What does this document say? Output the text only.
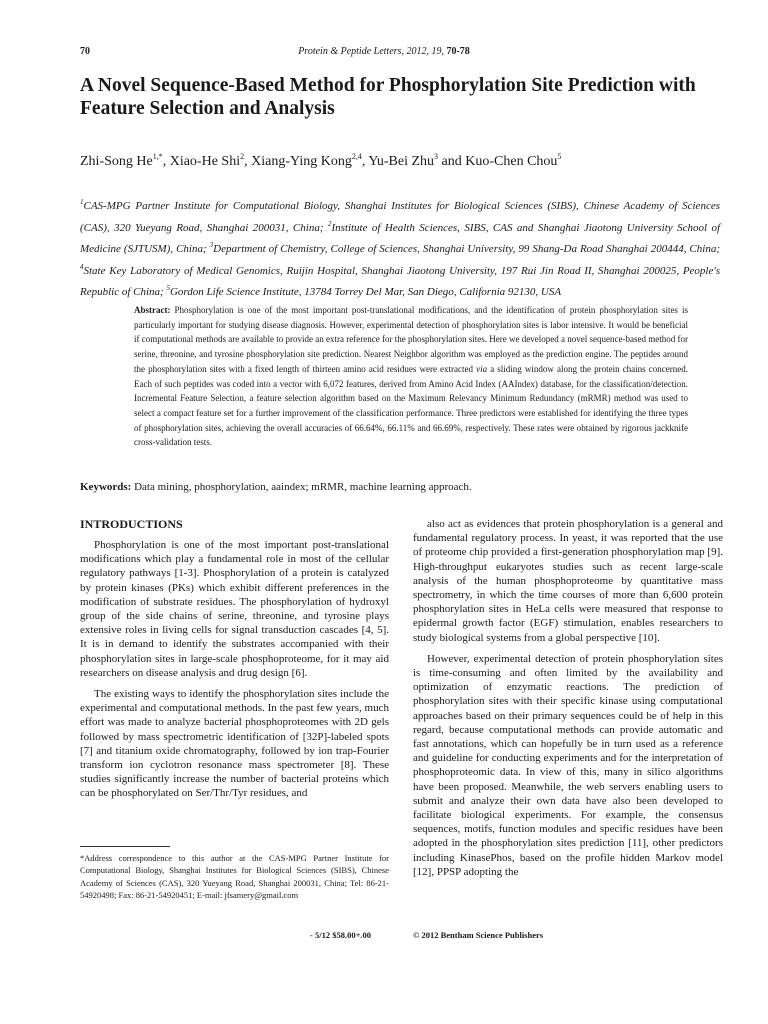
70	Protein & Peptide Letters, 2012, 19, 70-78
A Novel Sequence-Based Method for Phosphorylation Site Prediction with Feature Selection and Analysis
Zhi-Song $He^{1,*}$, Xiao-He Shi$^2$, Xiang-Ying Kong$^{2,4}$, Yu-Bei Zhu$^3$ and Kuo-Chen Chou$^5$
$^1$CAS-MPG Partner Institute for Computational Biology, Shanghai Institutes for Biological Sciences (SIBS), Chinese Academy of Sciences (CAS), 320 Yueyang Road, Shanghai 200031, China; $^2$Institute of Health Sciences, SIBS, CAS and Shanghai Jiaotong University School of Medicine (SJTUSM), China; $^3$Department of Chemistry, College of Sciences, Shanghai University, 99 Shang-Da Road Shanghai 200444, China; $^4$State Key Laboratory of Medical Genomics, Ruijin Hospital, Shanghai Jiaotong University, 197 Rui Jin Road II, Shanghai 200025, People's Republic of China; $^5$Gordon Life Science Institute, 13784 Torrey Del Mar, San Diego, California 92130, USA
Abstract: Phosphorylation is one of the most important post-translational modifications, and the identification of protein phosphorylation sites is particularly important for studying disease diagnosis. However, experimental detection of phosphorylation sites is labor intensive. It would be beneficial if computational methods are available to provide an extra reference for the phosphorylation sites. Here we developed a novel sequence-based method for serine, threonine, and tyrosine phosphorylation site prediction. Nearest Neighbor algorithm was employed as the prediction engine. The peptides around the phosphorylation sites with a fixed length of thirteen amino acid residues were extracted via a sliding window along the protein chains concerned. Each of such peptides was coded into a vector with 6,072 features, derived from Amino Acid Index (AAIndex) database, for the classification/detection. Incremental Feature Selection, a feature selection algorithm based on the Maximum Relevancy Minimum Redundancy (mRMR) method was used to select a compact feature set for a further improvement of the classification performance. Three predictors were established for identifying the three types of phosphorylation sites, achieving the overall accuracies of 66.64%, 66.11% and 66.69%, respectively. These rates were obtained by rigorous jackknife cross-validation tests.
Keywords: Data mining, phosphorylation, aaindex; mRMR, machine learning approach.
INTRODUCTIONS

Phosphorylation is one of the most important post-translational modifications which play a fundamental role in most of the cellular regulatory pathways [1-3]. Phosphorylation of a protein is catalyzed by protein kinases (PKs) which exhibit different preferences in the modification of substrate residues. The phosphorylation of hydroxyl group of the side chains of serine, threonine, and tyrosine plays extensive roles in living cells for signal transduction cascades [4, 5]. It is in demand to identify the substrates accompanied with their phosphorylation sites in large-scale phosphoproteome, for it may aid researchers on disease analysis and drug design [6].

The existing ways to identify the phosphorylation sites include the experimental and computational methods. In the past few years, much effort was made to analyze bacterial phosphoproteomes with 2D gels followed by mass spectrometric identification of [32P]-labeled spots [7] and titanium oxide chromatography, followed by ion trap-Fourier transform ion cyclotron resonance mass spectrometer [8]. These studies significantly increase the number of bacterial proteins which can be phosphorylated on Ser/Thr/Tyr residues, and

also act as evidences that protein phosphorylation is a general and fundamental regulatory process. In yeast, it was reported that the use of proteome chip provided a first-generation phosphorylation map [9]. High-throughput eukaryotes studies such as recent large-scale analysis of the human phosphoproteome by quantitative mass spectrometry, in which the time courses of more than 6,600 protein phosphorylation sites in HeLa cells were measured that response to epidermal growth factor (EGF) stimulation, enables researchers to study biological systems from a global perspective [10].

However, experimental detection of protein phosphorylation sites is time-consuming and often limited by the availability and optimization of enzymatic reactions. The prediction of phosphorylation sites with their specific kinase using computational approaches based on their primary sequences could be of help in this regard, because computational methods can provide automatic and fast annotations, which can hopefully be in turn used as a reference and guideline for conducting experiments and for the interpretation of phosphoproteomic data. In view of this, many in silico algorithms have been proposed. Meanwhile, the web servers enabling users to submit and analyze their own data have also been developed to facilitate biological experiments. For example, the consensus sequences, motifs, function modules and specific residues have been adopted in the phosphorylation sites prediction [11], other predictors including KinasePhos, based on the profile hidden Markov model [12], PPSP adopting the

*Address correspondence to this author at the CAS-MPG Partner Institute for Computational Biology, Shanghai Institutes for Biological Sciences (SIBS), Chinese Academy of Sciences (CAS), 320 Yueyang Road, Shanghai 200031, China; Tel: 86-21-54920498; Fax: 86-21-54920451; E-mail: jfsamery@gmail.com
- 5/12 $58.00+.00	© 2012 Bentham Science Publishers
